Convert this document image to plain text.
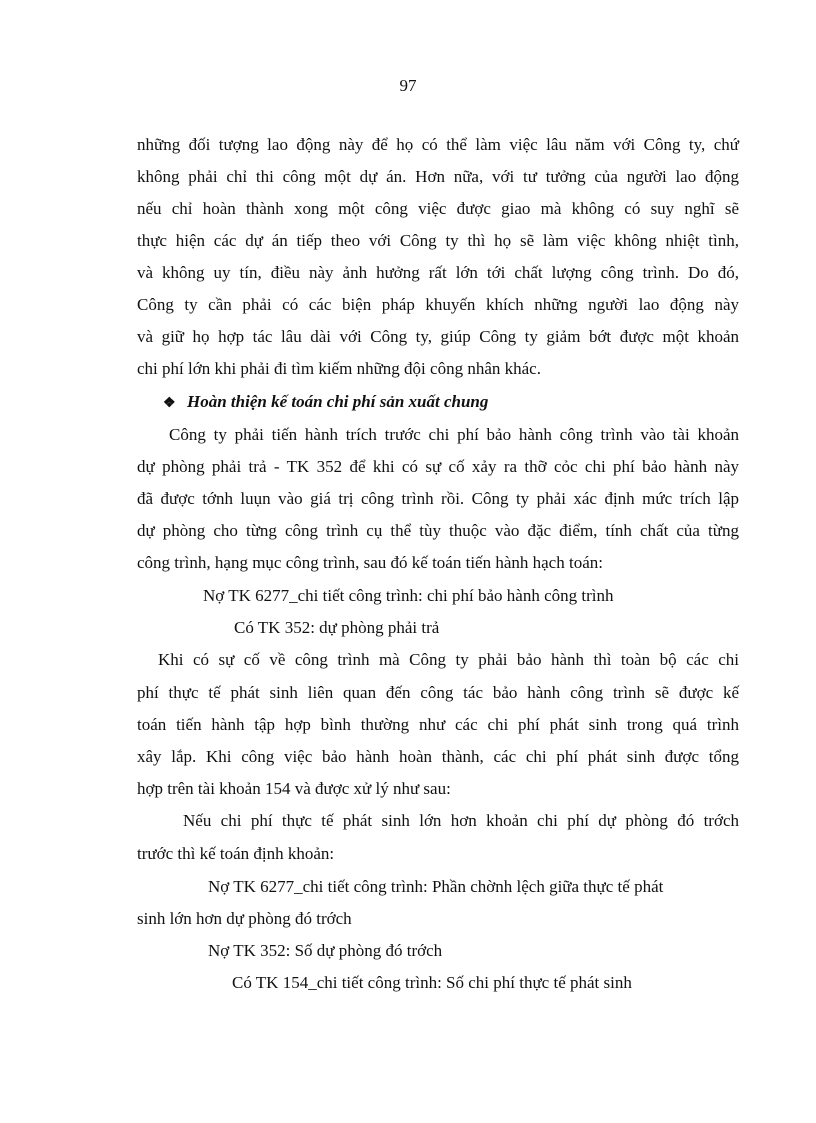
97
những đối tượng lao động này để họ có thể làm việc lâu năm với Công ty, chứ
không phải chỉ thi công một dự án. Hơn nữa, với tư tưởng của người lao động
nếu chỉ hoàn thành xong một công việc được giao mà không có suy nghĩ sẽ
thực hiện các dự án tiếp theo với Công ty thì họ sẽ làm việc không nhiệt tình,
và không uy tín, điều này ảnh hưởng rất lớn tới chất lượng công trình. Do đó,
Công ty cần phải có các biện pháp khuyến khích những người lao động này
và giữ họ hợp tác lâu dài với Công ty, giúp Công ty giảm bớt được một khoản
chi phí lớn khi phải đi tìm kiếm những đội công nhân khác.
❖ Hoàn thiện kế toán chi phí sản xuất chung
Công ty phải tiến hành trích trước chi phí bảo hành công trình vào tài khoản
dự phòng phải trả - TK 352 để khi có sự cố xảy ra thỡ cỏc chi phí bảo hành này
đã được tớnh luụn vào giá trị công trình rồi. Công ty phải xác định mức trích lập
dự phòng cho từng công trình cụ thể tùy thuộc vào đặc điểm, tính chất của từng
công trình, hạng mục công trình, sau đó kế toán tiến hành hạch toán:
Nợ TK 6277_chi tiết công trình: chi phí bảo hành công trình
Có TK 352: dự phòng phải trả
Khi có sự cố về công trình mà Công ty phải bảo hành thì toàn bộ các chi
phí thực tế phát sinh liên quan đến công tác bảo hành công trình sẽ được kế
toán tiến hành tập hợp bình thường như các chi phí phát sinh trong quá trình
xây lắp. Khi công việc bảo hành hoàn thành, các chi phí phát sinh được tổng
hợp trên tài khoản 154 và được xử lý như sau:
Nếu chi phí thực tế phát sinh lớn hơn khoản chi phí dự phòng đó trớch
trước thì kế toán định khoản:
Nợ TK 6277_chi tiết công trình: Phần chờnh lệch giữa thực tế phát
sinh lớn hơn dự phòng đó trớch
Nợ TK 352: Số dự phòng đó trớch
Có TK 154_chi tiết công trình: Số chi phí thực tế phát sinh
